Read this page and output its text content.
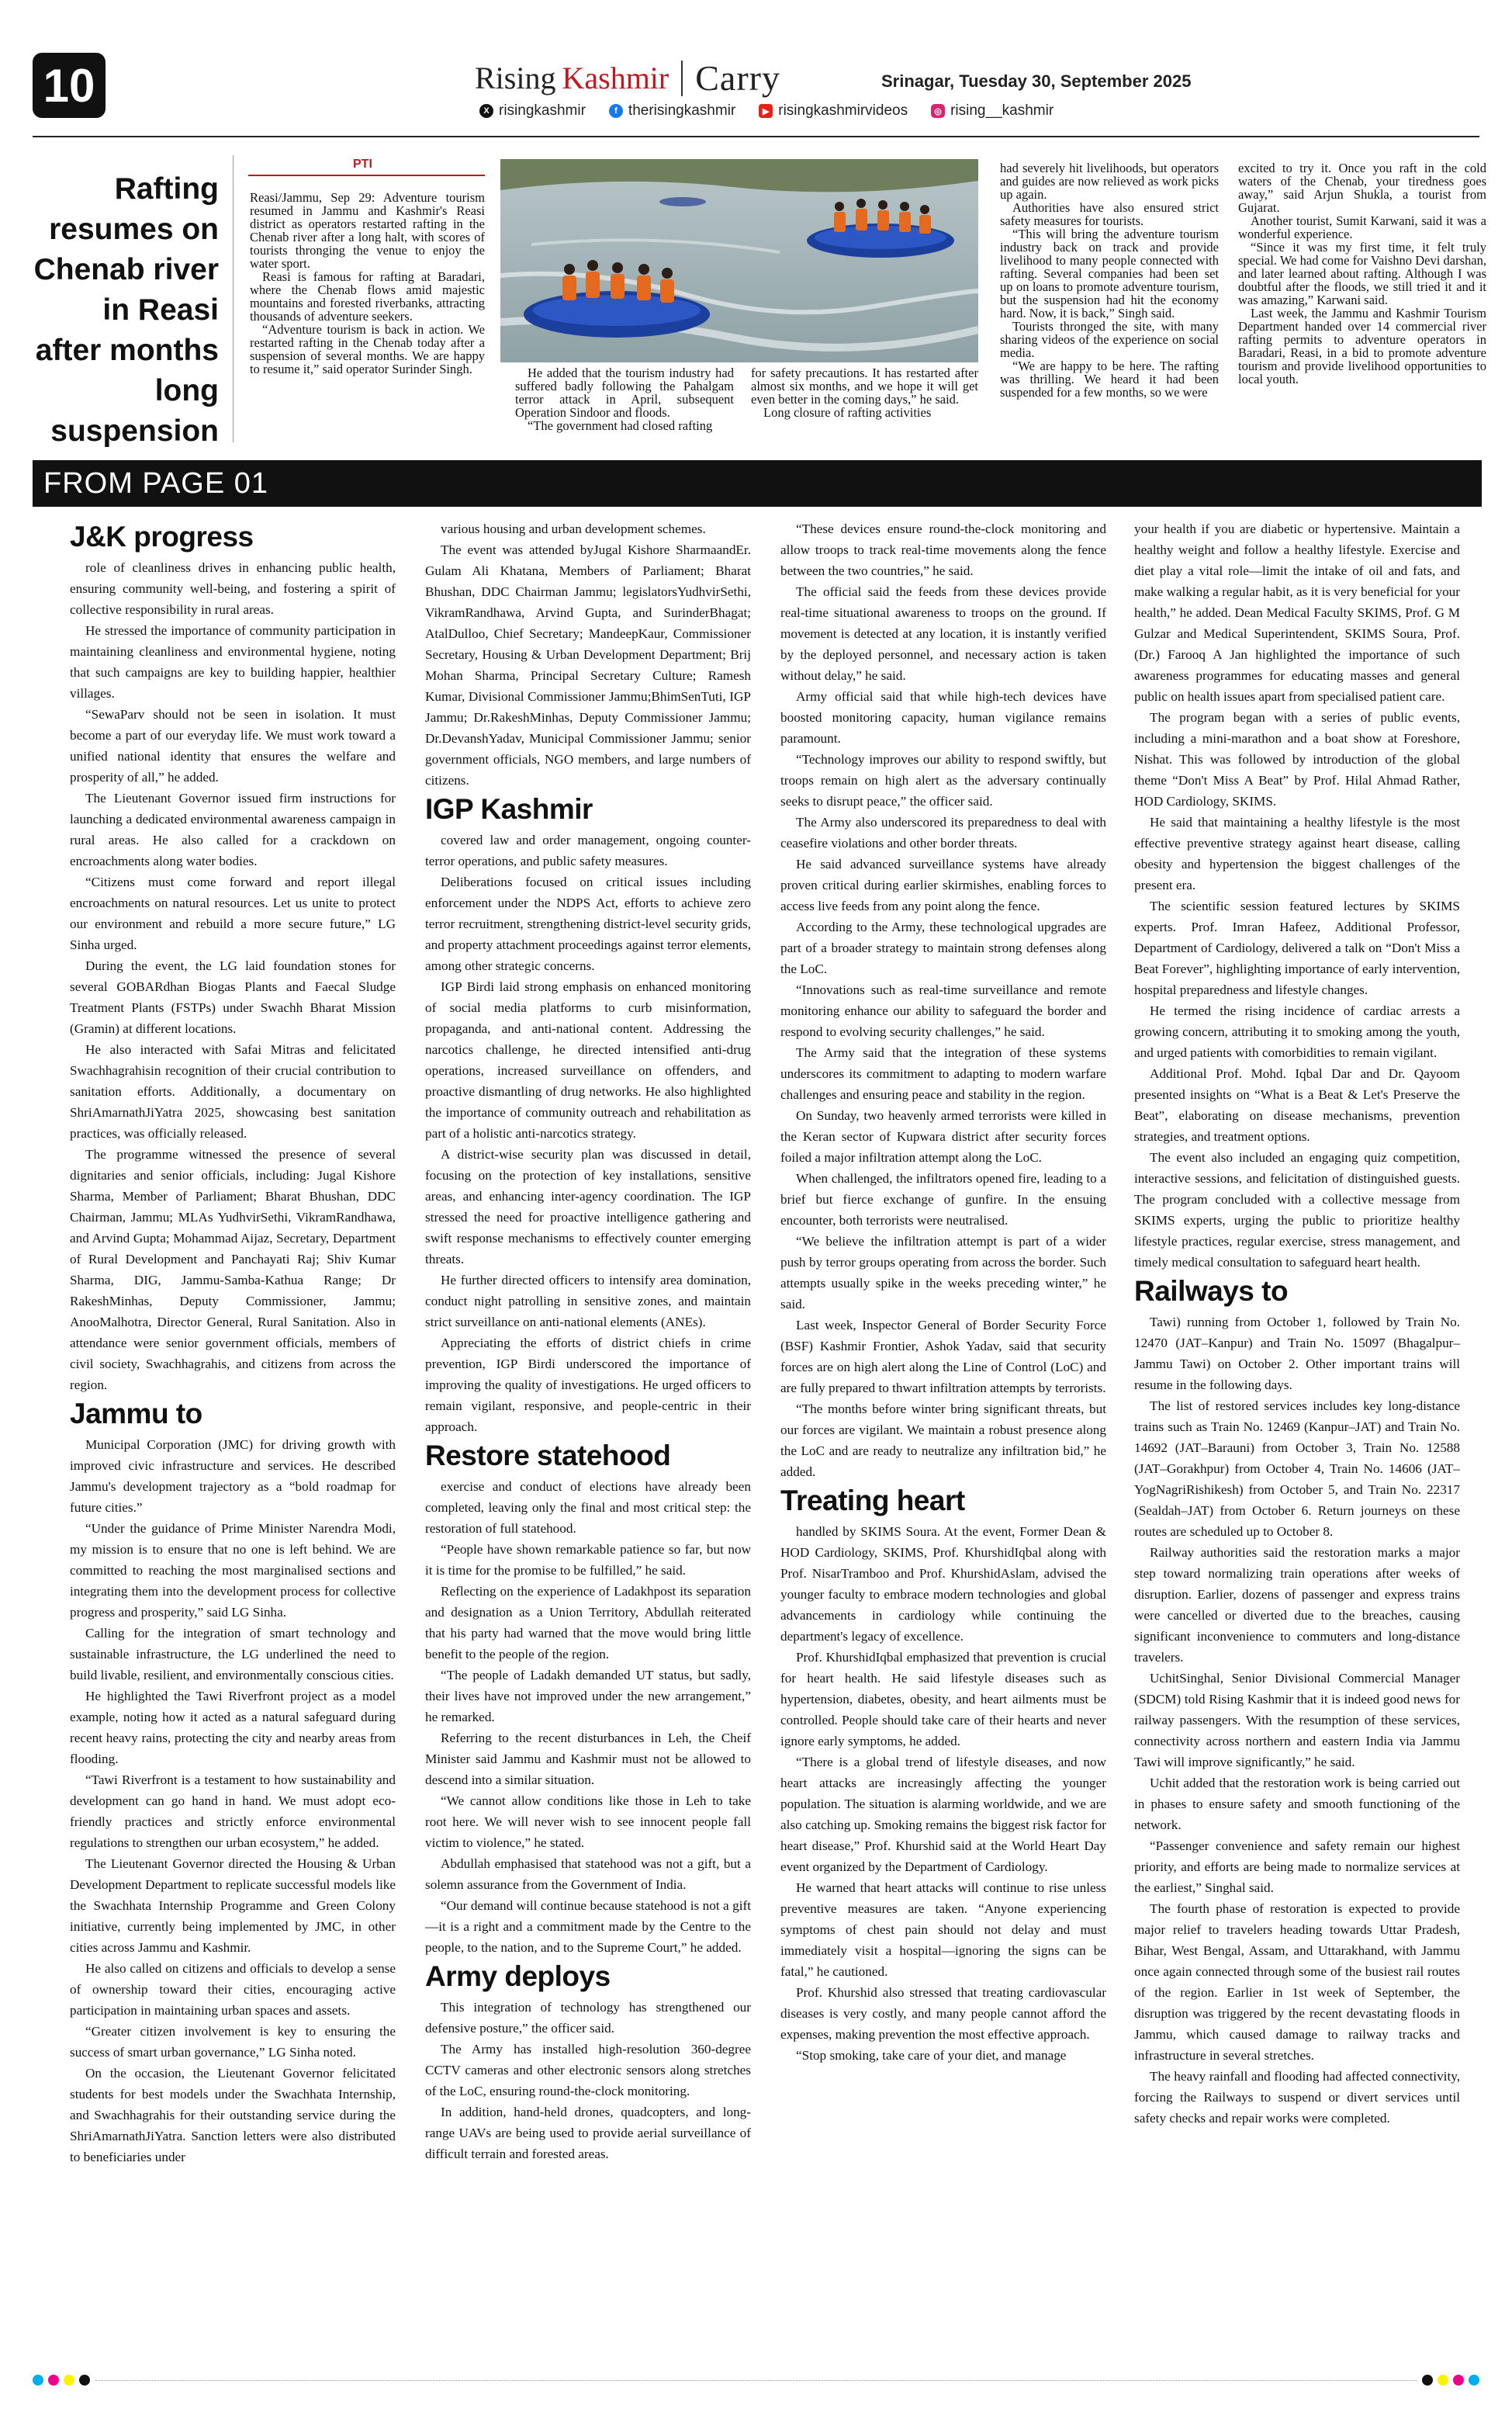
10	Rising Kashmir Carry	Srinagar, Tuesday 30, September 2025
X risingkashmir	f therisingkashmir	▶ risingkashmirvideos	◎ rising__kashmir
Rafting resumes on Chenab river in Reasi after months long suspension
PTI

Reasi/Jammu, Sep 29: Adventure tourism resumed in Jammu and Kashmir's Reasi district as operators restarted rafting in the Chenab river after a long halt, with scores of tourists thronging the venue to enjoy the water sport.

Reasi is famous for rafting at Baradari, where the Chenab flows amid majestic mountains and forested riverbanks, attracting thousands of adventure seekers.

“Adventure tourism is back in action. We restarted rafting in the Chenab today after a suspension of several months. We are happy to resume it,” said operator Surinder Singh.	He added that the tourism industry had suffered badly following the Pahalgam terror attack in April, subsequent Operation Sindoor and floods.

“The government had closed rafting

for safety precautions. It has restarted after almost six months, and we hope it will get even better in the coming days,” he said.

Long closure of rafting activities

had severely hit livelihoods, but operators and guides are now relieved as work picks up again.

Authorities have also ensured strict safety measures for tourists.

“This will bring the adventure tourism industry back on track and provide livelihood to many people connected with rafting. Several companies had been set up on loans to promote adventure tourism, but the suspension had hit the economy hard. Now, it is back,” Singh said.

Tourists thronged the site, with many sharing videos of the experience on social media.

“We are happy to be here. The rafting was thrilling. We heard it had been suspended for a few months, so we were

excited to try it. Once you raft in the cold waters of the Chenab, your tiredness goes away,” said Arjun Shukla, a tourist from Gujarat.

Another tourist, Sumit Karwani, said it was a wonderful experience.

“Since it was my first time, it felt truly special. We had come for Vaishno Devi darshan, and later learned about rafting. Although I was doubtful after the floods, we still tried it and it was amazing,” Karwani said.

Last week, the Jammu and Kashmir Tourism Department handed over 14 commercial river rafting permits to adventure operators in Baradari, Reasi, in a bid to promote adventure tourism and provide livelihood opportunities to local youth.

FROM PAGE 01
J&K progress

role of cleanliness drives in enhancing public health, ensuring community well-being, and fostering a spirit of collective responsibility in rural areas.

He stressed the importance of community participation in maintaining cleanliness and environmental hygiene, noting that such campaigns are key to building happier, healthier villages.

“SewaParv should not be seen in isolation. It must become a part of our everyday life. We must work toward a unified national identity that ensures the welfare and prosperity of all,” he added.

The Lieutenant Governor issued firm instructions for launching a dedicated environmental awareness campaign in rural areas. He also called for a crackdown on encroachments along water bodies.

“Citizens must come forward and report illegal encroachments on natural resources. Let us unite to protect our environment and rebuild a more secure future,” LG Sinha urged.

During the event, the LG laid foundation stones for several GOBARdhan Biogas Plants and Faecal Sludge Treatment Plants (FSTPs) under Swachh Bharat Mission (Gramin) at different locations.

He also interacted with Safai Mitras and felicitated Swachhagrahisin recognition of their crucial contribution to sanitation efforts. Additionally, a documentary on ShriAmarnathJiYatra 2025, showcasing best sanitation practices, was officially released.

The programme witnessed the presence of several dignitaries and senior officials, including: Jugal Kishore Sharma, Member of Parliament; Bharat Bhushan, DDC Chairman, Jammu; MLAs YudhvirSethi, VikramRandhawa, and Arvind Gupta; Mohammad Aijaz, Secretary, Department of Rural Development and Panchayati Raj; Shiv Kumar Sharma, DIG, Jammu-Samba-Kathua Range; Dr RakeshMinhas, Deputy Commissioner, Jammu; AnooMalhotra, Director General, Rural Sanitation. Also in attendance were senior government officials, members of civil society, Swachhagrahis, and citizens from across the region.

Jammu to

Municipal Corporation (JMC) for driving growth with improved civic infrastructure and services. He described Jammu's development trajectory as a “bold roadmap for future cities.”

“Under the guidance of Prime Minister Narendra Modi, my mission is to ensure that no one is left behind. We are committed to reaching the most marginalised sections and integrating them into the development process for collective progress and prosperity,” said LG Sinha.

Calling for the integration of smart technology and sustainable infrastructure, the LG underlined the need to build livable, resilient, and environmentally conscious cities.

He highlighted the Tawi Riverfront project as a model example, noting how it acted as a natural safeguard during recent heavy rains, protecting the city and nearby areas from flooding.

“Tawi Riverfront is a testament to how sustainability and development can go hand in hand. We must adopt eco-friendly practices and strictly enforce environmental regulations to strengthen our urban ecosystem,” he added.

The Lieutenant Governor directed the Housing & Urban Development Department to replicate successful models like the Swachhata Internship Programme and Green Colony initiative, currently being implemented by JMC, in other cities across Jammu and Kashmir.

He also called on citizens and officials to develop a sense of ownership toward their cities, encouraging active participation in maintaining urban spaces and assets.

“Greater citizen involvement is key to ensuring the success of smart urban governance,” LG Sinha noted.

On the occasion, the Lieutenant Governor felicitated students for best models under the Swachhata Internship, and Swachhagrahis for their outstanding service during the ShriAmarnathJiYatra. Sanction letters were also distributed to beneficiaries under

various housing and urban development schemes.

The event was attended byJugal Kishore SharmaandEr. Gulam Ali Khatana, Members of Parliament; Bharat Bhushan, DDC Chairman Jammu; legislatorsYudhvirSethi, VikramRandhawa, Arvind Gupta, and SurinderBhagat; AtalDulloo, Chief Secretary; MandeepKaur, Commissioner Secretary, Housing & Urban Development Department; Brij Mohan Sharma, Principal Secretary Culture; Ramesh Kumar, Divisional Commissioner Jammu;BhimSenTuti, IGP Jammu; Dr.RakeshMinhas, Deputy Commissioner Jammu; Dr.DevanshYadav, Municipal Commissioner Jammu; senior government officials, NGO members, and large numbers of citizens.

IGP Kashmir

covered law and order management, ongoing counter-terror operations, and public safety measures.

Deliberations focused on critical issues including enforcement under the NDPS Act, efforts to achieve zero terror recruitment, strengthening district-level security grids, and property attachment proceedings against terror elements, among other strategic concerns.

IGP Birdi laid strong emphasis on enhanced monitoring of social media platforms to curb misinformation, propaganda, and anti-national content. Addressing the narcotics challenge, he directed intensified anti-drug operations, increased surveillance on offenders, and proactive dismantling of drug networks. He also highlighted the importance of community outreach and rehabilitation as part of a holistic anti-narcotics strategy.

A district-wise security plan was discussed in detail, focusing on the protection of key installations, sensitive areas, and enhancing inter-agency coordination. The IGP stressed the need for proactive intelligence gathering and swift response mechanisms to effectively counter emerging threats.

He further directed officers to intensify area domination, conduct night patrolling in sensitive zones, and maintain strict surveillance on anti-national elements (ANEs).

Appreciating the efforts of district chiefs in crime prevention, IGP Birdi underscored the importance of improving the quality of investigations. He urged officers to remain vigilant, responsive, and people-centric in their approach.

Restore statehood

exercise and conduct of elections have already been completed, leaving only the final and most critical step: the restoration of full statehood.

“People have shown remarkable patience so far, but now it is time for the promise to be fulfilled,” he said.

Reflecting on the experience of Ladakhpost its separation and designation as a Union Territory, Abdullah reiterated that his party had warned that the move would bring little benefit to the people of the region.

“The people of Ladakh demanded UT status, but sadly, their lives have not improved under the new arrangement,” he remarked.

Referring to the recent disturbances in Leh, the Cheif Minister said Jammu and Kashmir must not be allowed to descend into a similar situation.

“We cannot allow conditions like those in Leh to take root here. We will never wish to see innocent people fall victim to violence,” he stated.

Abdullah emphasised that statehood was not a gift, but a solemn assurance from the Government of India.

“Our demand will continue because statehood is not a gift—it is a right and a commitment made by the Centre to the people, to the nation, and to the Supreme Court,” he added.

Army deploys

This integration of technology has strengthened our defensive posture,” the officer said.

The Army has installed high-resolution 360-degree CCTV cameras and other electronic sensors along stretches of the LoC, ensuring round-the-clock monitoring.

In addition, hand-held drones, quadcopters, and long-range UAVs are being used to provide aerial surveillance of difficult terrain and forested areas.

“These devices ensure round-the-clock monitoring and allow troops to track real-time movements along the fence between the two countries,” he said.

The official said the feeds from these devices provide real-time situational awareness to troops on the ground. If movement is detected at any location, it is instantly verified by the deployed personnel, and necessary action is taken without delay,” he said.

Army official said that while high-tech devices have boosted monitoring capacity, human vigilance remains paramount.

“Technology improves our ability to respond swiftly, but troops remain on high alert as the adversary continually seeks to disrupt peace,” the officer said.

The Army also underscored its preparedness to deal with ceasefire violations and other border threats.

He said advanced surveillance systems have already proven critical during earlier skirmishes, enabling forces to access live feeds from any point along the fence.

According to the Army, these technological upgrades are part of a broader strategy to maintain strong defenses along the LoC.

“Innovations such as real-time surveillance and remote monitoring enhance our ability to safeguard the border and respond to evolving security challenges,” he said.

The Army said that the integration of these systems underscores its commitment to adapting to modern warfare challenges and ensuring peace and stability in the region.

On Sunday, two heavenly armed terrorists were killed in the Keran sector of Kupwara district after security forces foiled a major infiltration attempt along the LoC.

When challenged, the infiltrators opened fire, leading to a brief but fierce exchange of gunfire. In the ensuing encounter, both terrorists were neutralised.

“We believe the infiltration attempt is part of a wider push by terror groups operating from across the border. Such attempts usually spike in the weeks preceding winter,” he said.

Last week, Inspector General of Border Security Force (BSF) Kashmir Frontier, Ashok Yadav, said that security forces are on high alert along the Line of Control (LoC) and are fully prepared to thwart infiltration attempts by terrorists.

“The months before winter bring significant threats, but our forces are vigilant. We maintain a robust presence along the LoC and are ready to neutralize any infiltration bid,” he added.

Treating heart

handled by SKIMS Soura. At the event, Former Dean & HOD Cardiology, SKIMS, Prof. KhurshidIqbal along with Prof. NisarTramboo and Prof. KhurshidAslam, advised the younger faculty to embrace modern technologies and global advancements in cardiology while continuing the department's legacy of excellence.

Prof. KhurshidIqbal emphasized that prevention is crucial for heart health. He said lifestyle diseases such as hypertension, diabetes, obesity, and heart ailments must be controlled. People should take care of their hearts and never ignore early symptoms, he added.

“There is a global trend of lifestyle diseases, and now heart attacks are increasingly affecting the younger population. The situation is alarming worldwide, and we are also catching up. Smoking remains the biggest risk factor for heart disease,” Prof. Khurshid said at the World Heart Day event organized by the Department of Cardiology.

He warned that heart attacks will continue to rise unless preventive measures are taken. “Anyone experiencing symptoms of chest pain should not delay and must immediately visit a hospital—ignoring the signs can be fatal,” he cautioned.

Prof. Khurshid also stressed that treating cardiovascular diseases is very costly, and many people cannot afford the expenses, making prevention the most effective approach.

“Stop smoking, take care of your diet, and manage

your health if you are diabetic or hypertensive. Maintain a healthy weight and follow a healthy lifestyle. Exercise and diet play a vital role—limit the intake of oil and fats, and make walking a regular habit, as it is very beneficial for your health,” he added. Dean Medical Faculty SKIMS, Prof. G M Gulzar and Medical Superintendent, SKIMS Soura, Prof. (Dr.) Farooq A Jan highlighted the importance of such awareness programmes for educating masses and general public on health issues apart from specialised patient care.

The program began with a series of public events, including a mini-marathon and a boat show at Foreshore, Nishat. This was followed by introduction of the global theme “Don't Miss A Beat” by Prof. Hilal Ahmad Rather, HOD Cardiology, SKIMS.

He said that maintaining a healthy lifestyle is the most effective preventive strategy against heart disease, calling obesity and hypertension the biggest challenges of the present era.

The scientific session featured lectures by SKIMS experts. Prof. Imran Hafeez, Additional Professor, Department of Cardiology, delivered a talk on “Don't Miss a Beat Forever”, highlighting importance of early intervention, hospital preparedness and lifestyle changes.

He termed the rising incidence of cardiac arrests a growing concern, attributing it to smoking among the youth, and urged patients with comorbidities to remain vigilant.

Additional Prof. Mohd. Iqbal Dar and Dr. Qayoom presented insights on “What is a Beat & Let's Preserve the Beat”, elaborating on disease mechanisms, prevention strategies, and treatment options.

The event also included an engaging quiz competition, interactive sessions, and felicitation of distinguished guests. The program concluded with a collective message from SKIMS experts, urging the public to prioritize healthy lifestyle practices, regular exercise, stress management, and timely medical consultation to safeguard heart health.

Railways to

Tawi) running from October 1, followed by Train No. 12470 (JAT–Kanpur) and Train No. 15097 (Bhagalpur–Jammu Tawi) on October 2. Other important trains will resume in the following days.

The list of restored services includes key long-distance trains such as Train No. 12469 (Kanpur–JAT) and Train No. 14692 (JAT–Barauni) from October 3, Train No. 12588 (JAT–Gorakhpur) from October 4, Train No. 14606 (JAT–YogNagriRishikesh) from October 5, and Train No. 22317 (Sealdah–JAT) from October 6. Return journeys on these routes are scheduled up to October 8.

Railway authorities said the restoration marks a major step toward normalizing train operations after weeks of disruption. Earlier, dozens of passenger and express trains were cancelled or diverted due to the breaches, causing significant inconvenience to commuters and long-distance travelers.

UchitSinghal, Senior Divisional Commercial Manager (SDCM) told Rising Kashmir that it is indeed good news for railway passengers. With the resumption of these services, connectivity across northern and eastern India via Jammu Tawi will improve significantly,” he said.

Uchit added that the restoration work is being carried out in phases to ensure safety and smooth functioning of the network.

“Passenger convenience and safety remain our highest priority, and efforts are being made to normalize services at the earliest,” Singhal said.

The fourth phase of restoration is expected to provide major relief to travelers heading towards Uttar Pradesh, Bihar, West Bengal, Assam, and Uttarakhand, with Jammu once again connected through some of the busiest rail routes of the region. Earlier in 1st week of September, the disruption was triggered by the recent devastating floods in Jammu, which caused damage to railway tracks and infrastructure in several stretches.

The heavy rainfall and flooding had affected connectivity, forcing the Railways to suspend or divert services until safety checks and repair works were completed.
